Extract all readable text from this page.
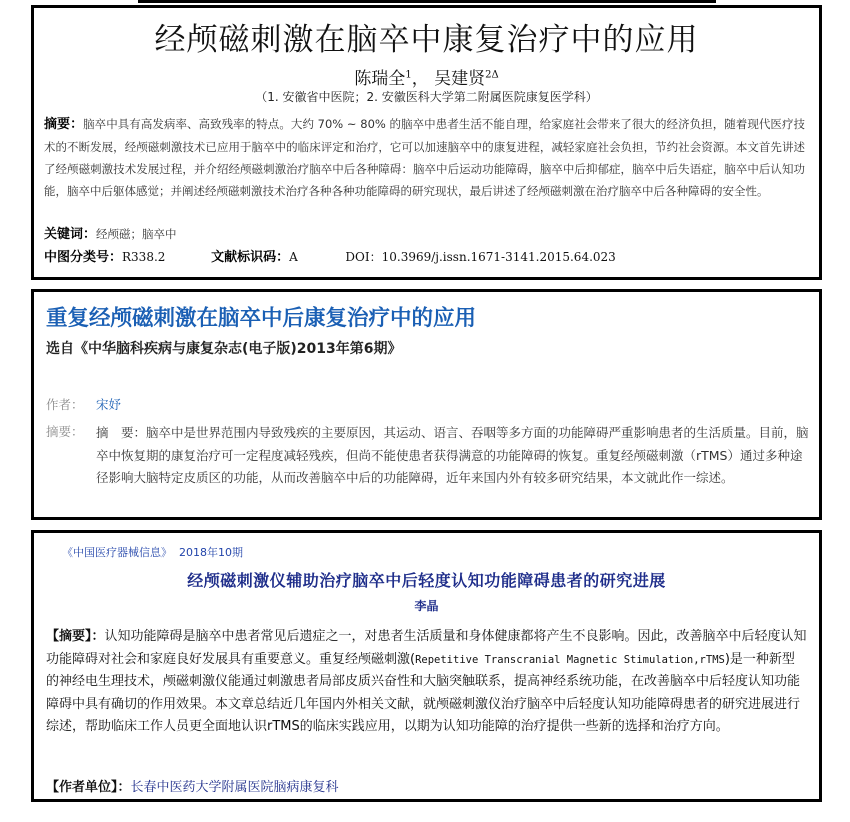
经颅磁刺激在脑卒中康复治疗中的应用
陈瑞全$^1$， 吴建贤$^{2\Delta}$
（1. 安徽省中医院；2. 安徽医科大学第二附属医院康复医学科）
摘要：脑卒中具有高发病率、高致残率的特点。大约 70% ~ 80% 的脑卒中患者生活不能自理，给家庭社会带来了很大的经济负担，随着现代医疗技术的不断发展，经颅磁刺激技术已应用于脑卒中的临床评定和治疗，它可以加速脑卒中的康复进程，减轻家庭社会负担，节约社会资源。本文首先讲述了经颅磁刺激技术发展过程，并介绍经颅磁刺激治疗脑卒中后各种障碍：脑卒中后运动功能障碍，脑卒中后抑郁症，脑卒中后失语症，脑卒中后认知功能，脑卒中后躯体感觉；并阐述经颅磁刺激技术治疗各种各种功能障碍的研究现状，最后讲述了经颅磁刺激在治疗脑卒中后各种障碍的安全性。
关键词：经颅磁；脑卒中
中图分类号：R338.2	文献标识码：A	DOI：10.3969/j.issn.1671-3141.2015.64.023
重复经颅磁刺激在脑卒中后康复治疗中的应用
选自《中华脑科疾病与康复杂志(电子版)2013年第6期》
作者： 宋妤
摘要： 摘　要：脑卒中是世界范围内导致残疾的主要原因，其运动、语言、吞咽等多方面的功能障碍严重影响患者的生活质量。目前，脑卒中恢复期的康复治疗可一定程度减轻残疾，但尚不能使患者获得满意的功能障碍的恢复。重复经颅磁刺激（rTMS）通过多种途径影响大脑特定皮质区的功能，从而改善脑卒中后的功能障碍，近年来国内外有较多研究结果，本文就此作一综述。
《中国医疗器械信息》 2018年10期
经颅磁刺激仪辅助治疗脑卒中后轻度认知功能障碍患者的研究进展
李晶
【摘要】：认知功能障碍是脑卒中患者常见后遗症之一，对患者生活质量和身体健康都将产生不良影响。因此，改善脑卒中后轻度认知功能障碍对社会和家庭良好发展具有重要意义。重复经颅磁刺激(Repetitive Transcranial Magnetic Stimulation,rTMS)是一种新型的神经电生理技术，颅磁刺激仪能通过刺激患者局部皮质兴奋性和大脑突触联系，提高神经系统功能，在改善脑卒中后轻度认知功能障碍中具有确切的作用效果。本文章总结近几年国内外相关文献，就颅磁刺激仪治疗脑卒中后轻度认知功能障碍患者的研究进展进行综述，帮助临床工作人员更全面地认识rTMS的临床实践应用，以期为认知功能障的治疗提供一些新的选择和治疗方向。
【作者单位】：长春中医药大学附属医院脑病康复科
